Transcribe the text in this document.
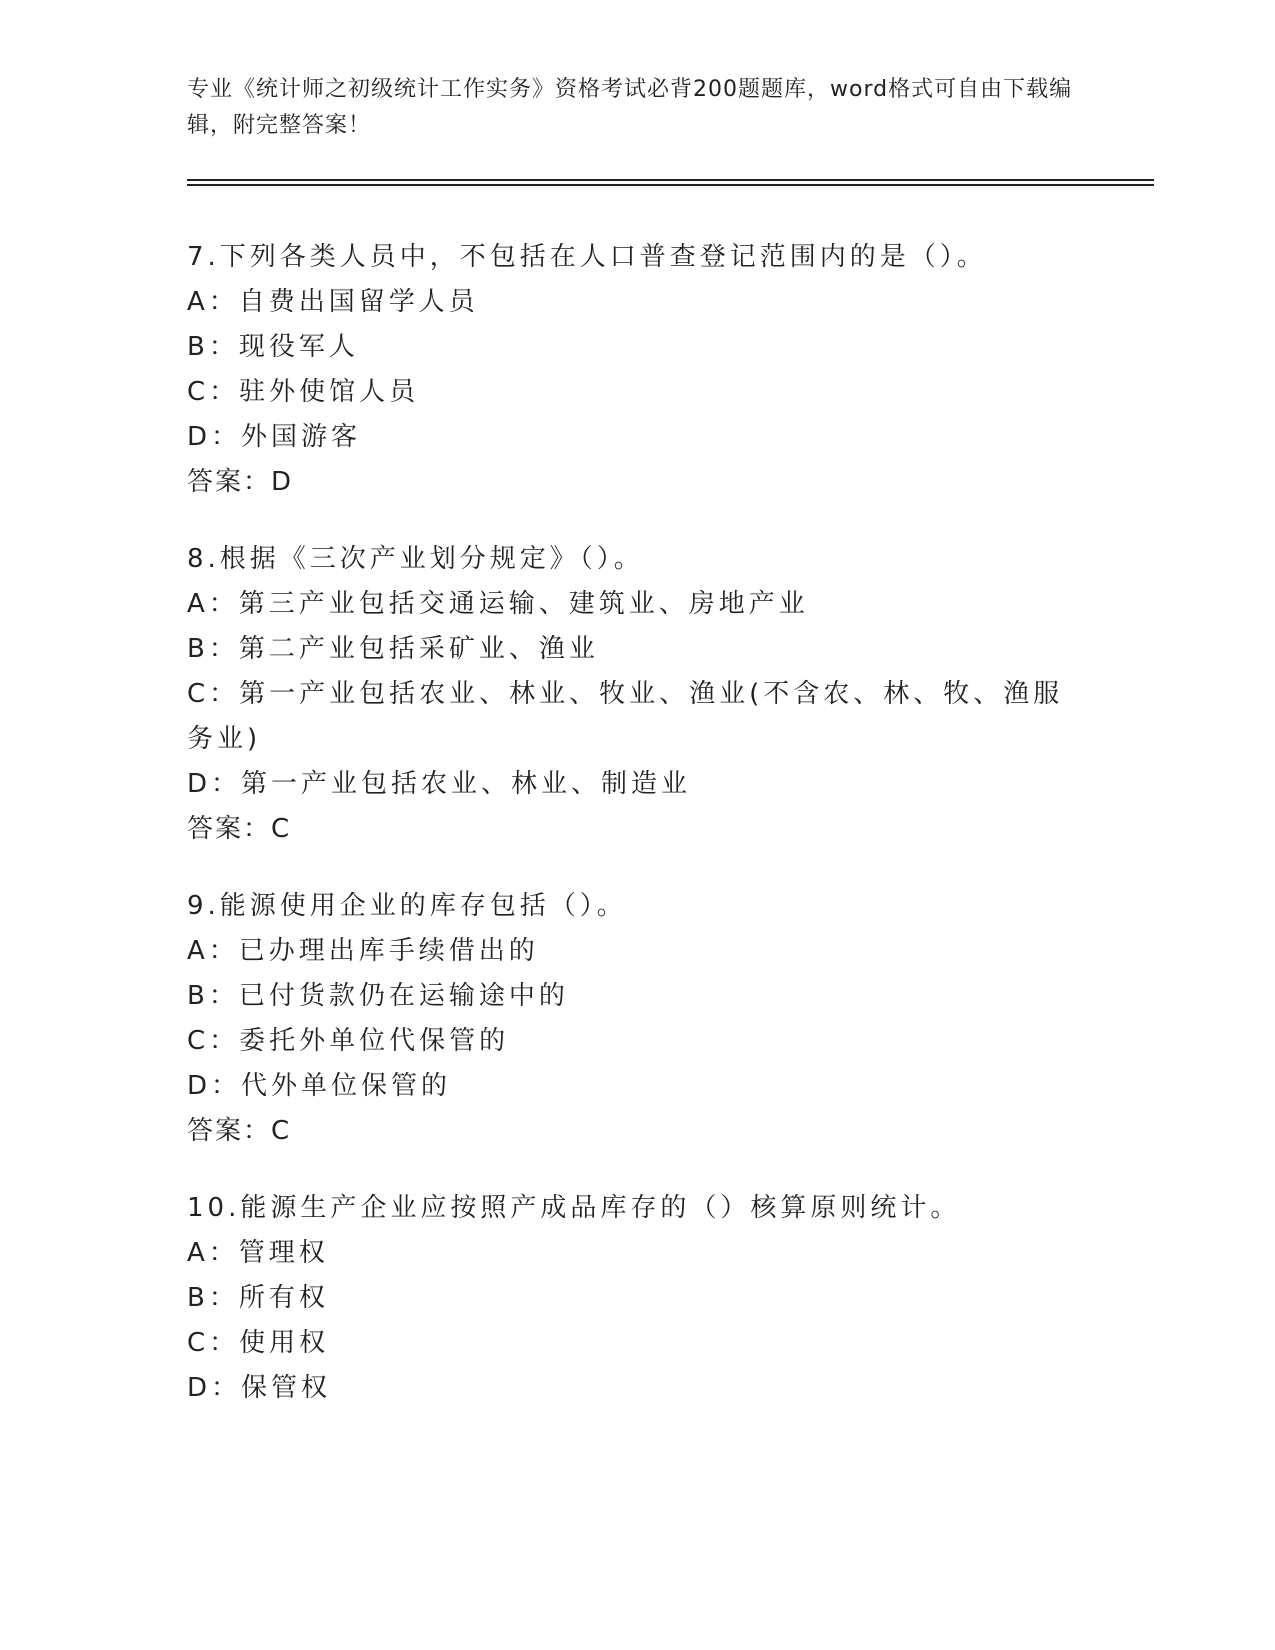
专业《统计师之初级统计工作实务》资格考试必背200题题库，word格式可自由下载编辑，附完整答案！
7.下列各类人员中，不包括在人口普查登记范围内的是（）。
A：自费出国留学人员
B：现役军人
C：驻外使馆人员
D：外国游客
答案：D
8.根据《三次产业划分规定》（）。
A：第三产业包括交通运输、建筑业、房地产业
B：第二产业包括采矿业、渔业
C：第一产业包括农业、林业、牧业、渔业(不含农、林、牧、渔服务业)
D：第一产业包括农业、林业、制造业
答案：C
9.能源使用企业的库存包括（）。
A：已办理出库手续借出的
B：已付货款仍在运输途中的
C：委托外单位代保管的
D：代外单位保管的
答案：C
10.能源生产企业应按照产成品库存的（）核算原则统计。
A：管理权
B：所有权
C：使用权
D：保管权
